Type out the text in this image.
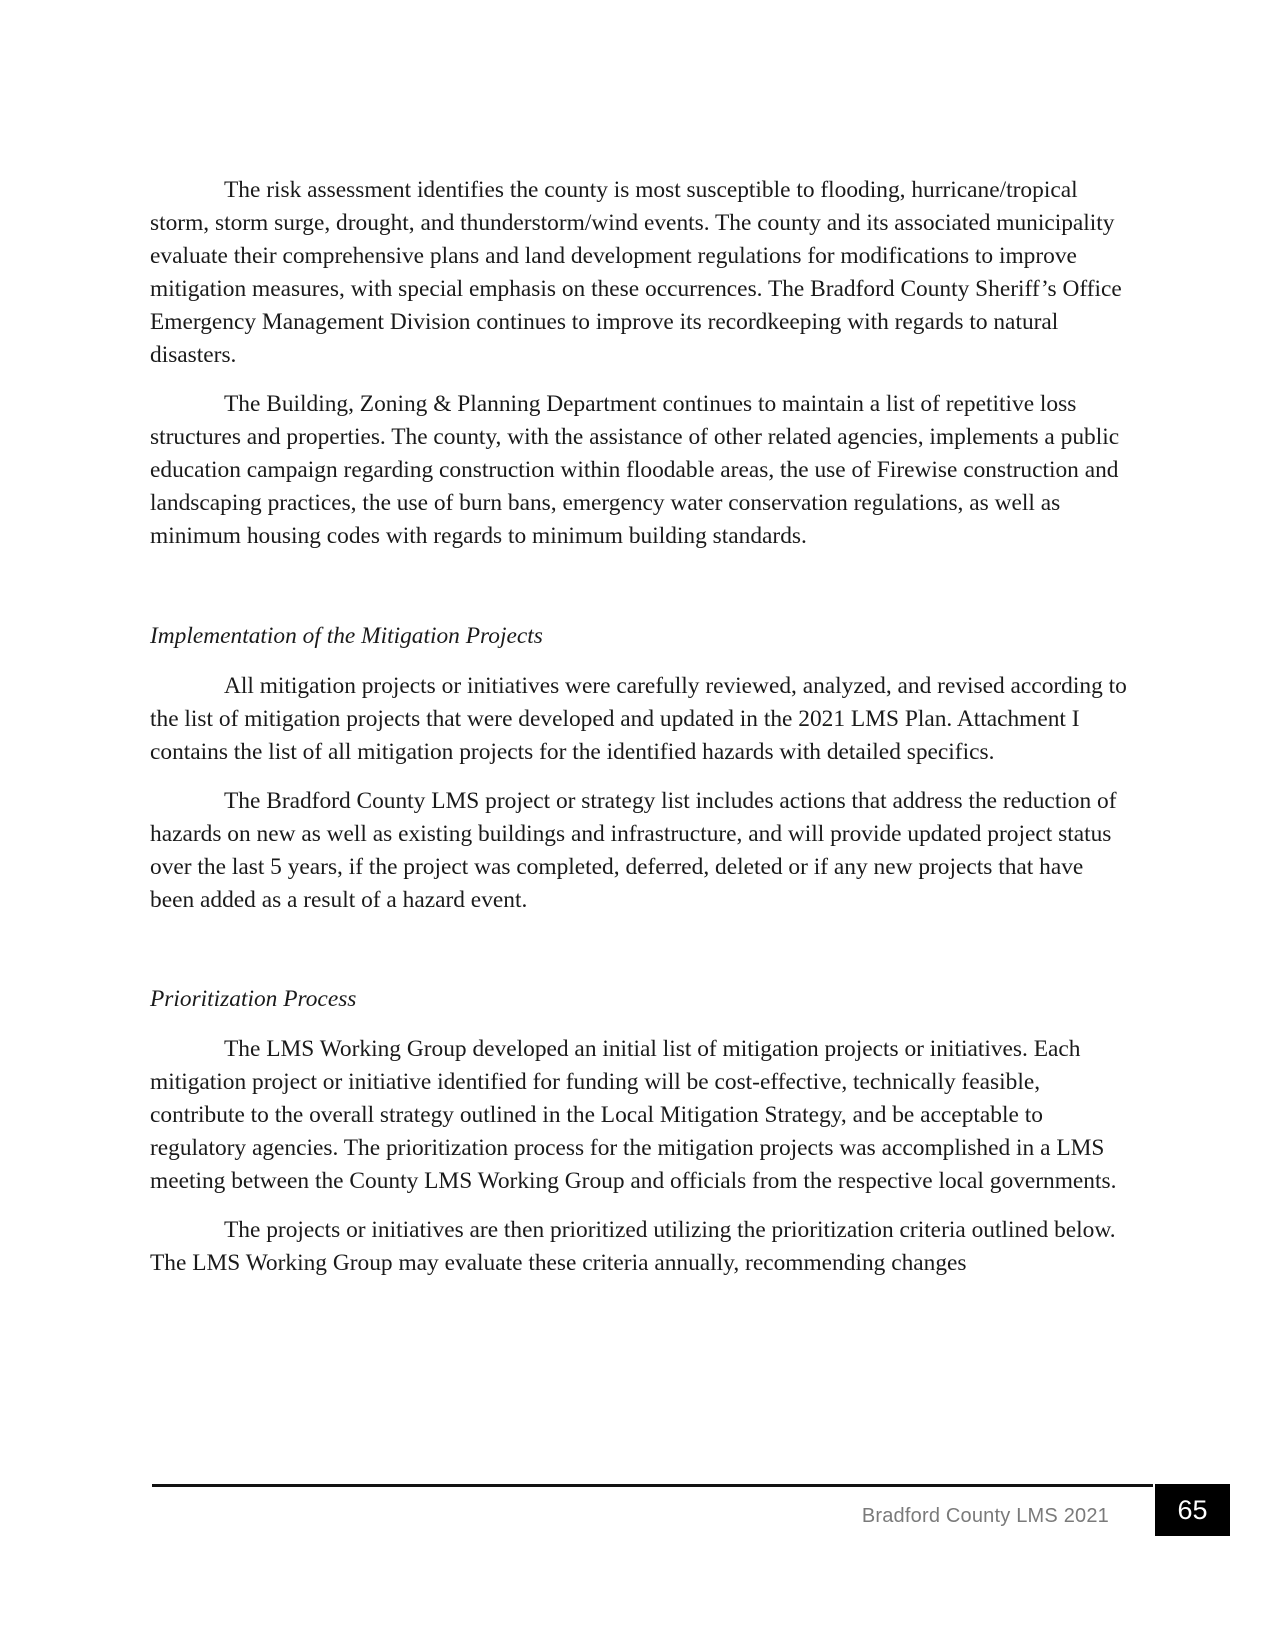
The risk assessment identifies the county is most susceptible to flooding, hurricane/tropical storm, storm surge, drought, and thunderstorm/wind events. The county and its associated municipality evaluate their comprehensive plans and land development regulations for modifications to improve mitigation measures, with special emphasis on these occurrences. The Bradford County Sheriff’s Office Emergency Management Division continues to improve its recordkeeping with regards to natural disasters.

The Building, Zoning & Planning Department continues to maintain a list of repetitive loss structures and properties. The county, with the assistance of other related agencies, implements a public education campaign regarding construction within floodable areas, the use of Firewise construction and landscaping practices, the use of burn bans, emergency water conservation regulations, as well as minimum housing codes with regards to minimum building standards.

Implementation of the Mitigation Projects

All mitigation projects or initiatives were carefully reviewed, analyzed, and revised according to the list of mitigation projects that were developed and updated in the 2021 LMS Plan. Attachment I contains the list of all mitigation projects for the identified hazards with detailed specifics.

The Bradford County LMS project or strategy list includes actions that address the reduction of hazards on new as well as existing buildings and infrastructure, and will provide updated project status over the last 5 years, if the project was completed, deferred, deleted or if any new projects that have been added as a result of a hazard event.

Prioritization Process

The LMS Working Group developed an initial list of mitigation projects or initiatives. Each mitigation project or initiative identified for funding will be cost-effective, technically feasible, contribute to the overall strategy outlined in the Local Mitigation Strategy, and be acceptable to regulatory agencies. The prioritization process for the mitigation projects was accomplished in a LMS meeting between the County LMS Working Group and officials from the respective local governments.

The projects or initiatives are then prioritized utilizing the prioritization criteria outlined below. The LMS Working Group may evaluate these criteria annually, recommending changes

Bradford County LMS 2021	65
